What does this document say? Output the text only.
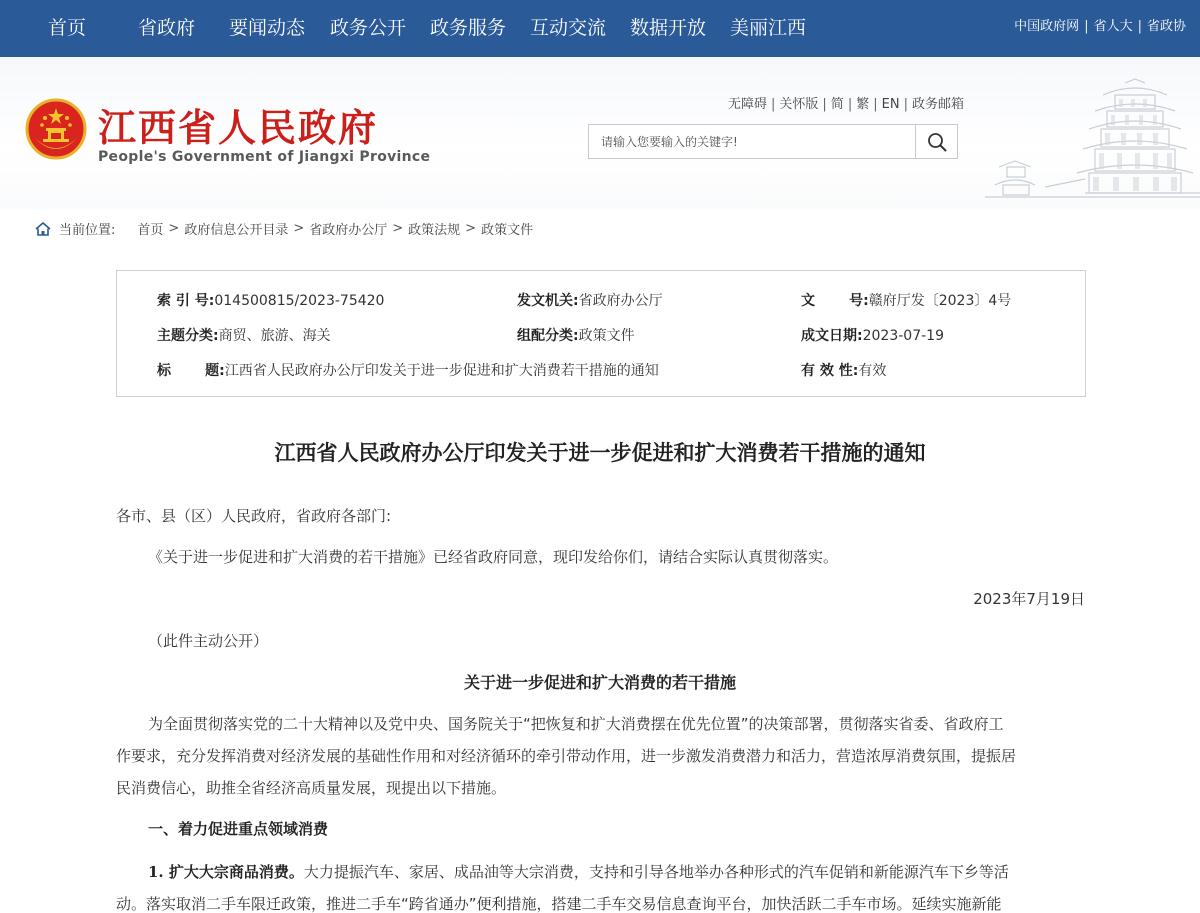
首页	省政府 要闻动态 政务公开 政务服务 互动交流 数据开放 美丽江西	中国政府网 | 省人大 | 省政协
江西省人民政府
People's Government of Jiangxi Province
无障碍 | 关怀版 | 简 | 繁 | EN | 政务邮箱
请输入您要输入的关键字!
当前位置: 首页 > 政府信息公开目录 > 省政府办公厅 > 政策法规 > 政策文件
索 引 号:014500815/2023-75420	发文机关:省政府办公厅	文       号:赣府厅发〔2023〕4号
主题分类:商贸、旅游、海关	组配分类:政策文件	成文日期:2023-07-19
标       题:江西省人民政府办公厅印发关于进一步促进和扩大消费若干措施的通知	有 效 性:有效
江西省人民政府办公厅印发关于进一步促进和扩大消费若干措施的通知
各市、县（区）人民政府，省政府各部门:
《关于进一步促进和扩大消费的若干措施》已经省政府同意，现印发给你们，请结合实际认真贯彻落实。
2023年7月19日
（此件主动公开）
关于进一步促进和扩大消费的若干措施
为全面贯彻落实党的二十大精神以及党中央、国务院关于“把恢复和扩大消费摆在优先位置”的决策部署，贯彻落实省委、省政府工
作要求，充分发挥消费对经济发展的基础性作用和对经济循环的牵引带动作用，进一步激发消费潜力和活力，营造浓厚消费氛围，提振居
民消费信心，助推全省经济高质量发展，现提出以下措施。
一、着力促进重点领域消费
1. 扩大大宗商品消费。大力提振汽车、家居、成品油等大宗消费，支持和引导各地举办各种形式的汽车促销和新能源汽车下乡等活
动。落实取消二手车限迁政策，推进二手车“跨省通办”便利措施，搭建二手车交易信息查询平台，加快活跃二手车市场。延续实施新能
